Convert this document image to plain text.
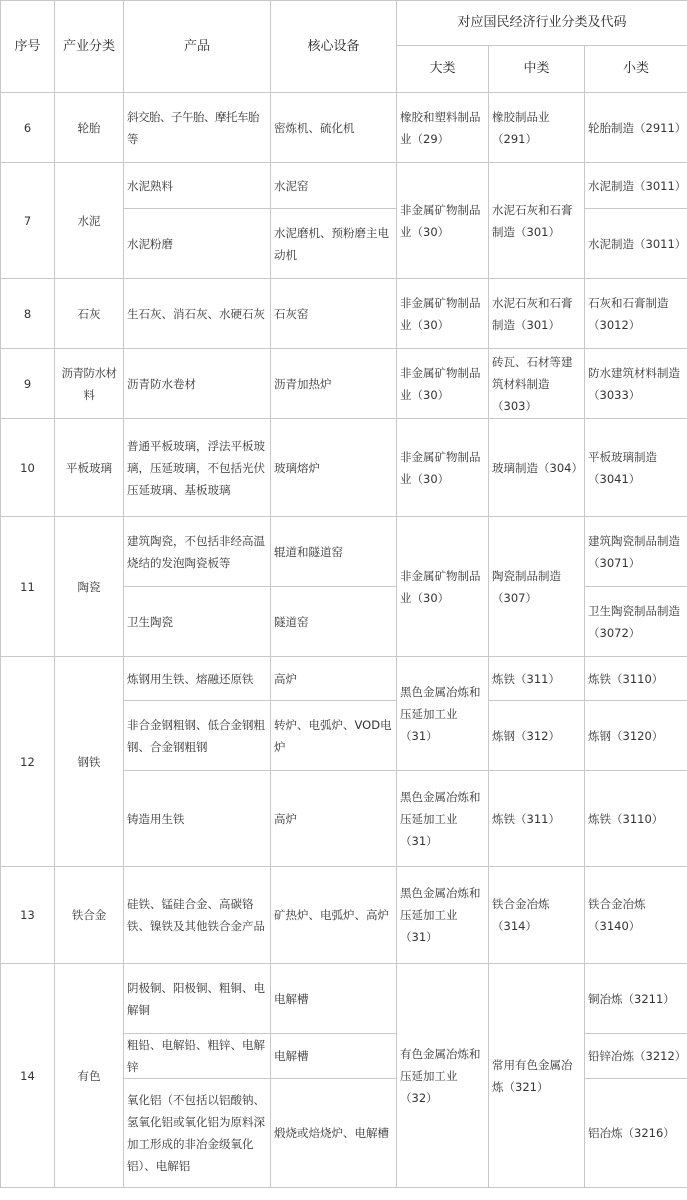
序号	产业分类	产品	核心设备	对应国民经济行业分类及代码		
				大类	中类	小类
6	轮胎	斜交胎、子午胎、摩托车胎等	密炼机、硫化机	橡胶和塑料制品业（29）	橡胶制品业（291）	轮胎制造（2911）
7	水泥	水泥熟料	水泥窑	非金属矿物制品业（30）	水泥石灰和石膏制造（301）	水泥制造（3011）
		水泥粉磨	水泥磨机、预粉磨主电动机			水泥制造（3011）
8	石灰	生石灰、消石灰、水硬石灰	石灰窑	非金属矿物制品业（30）	水泥石灰和石膏制造（301）	石灰和石膏制造（3012）
9	沥青防水材料	沥青防水卷材	沥青加热炉	非金属矿物制品业（30）	砖瓦、石材等建筑材料制造（303）	防水建筑材料制造（3033）
10	平板玻璃	普通平板玻璃，浮法平板玻璃，压延玻璃，不包括光伏压延玻璃、基板玻璃	玻璃熔炉	非金属矿物制品业（30）	玻璃制造（304）	平板玻璃制造（3041）
11	陶瓷	建筑陶瓷，不包括非经高温烧结的发泡陶瓷板等	辊道和隧道窑	非金属矿物制品业（30）	陶瓷制品制造（307）	建筑陶瓷制品制造（3071）
		卫生陶瓷	隧道窑			卫生陶瓷制品制造（3072）
12	钢铁	炼钢用生铁、熔融还原铁	高炉	黑色金属冶炼和压延加工业（31）	炼铁（311）	炼铁（3110）
		非合金钢粗钢、低合金钢粗钢、合金钢粗钢	转炉、电弧炉、VOD电炉		炼钢（312）	炼钢（3120）
		铸造用生铁	高炉	黑色金属冶炼和压延加工业（31）	炼铁（311）	炼铁（3110）
13	铁合金	硅铁、锰硅合金、高碳铬铁、镍铁及其他铁合金产品	矿热炉、电弧炉、高炉	黑色金属冶炼和压延加工业（31）	铁合金冶炼（314）	铁合金冶炼（3140）
14	有色	阴极铜、阳极铜、粗铜、电解铜	电解槽	有色金属冶炼和压延加工业（32）	常用有色金属冶炼（321）	铜冶炼（3211）
		粗铅、电解铅、粗锌、电解锌	电解槽			铅锌冶炼（3212）
		氧化铝（不包括以铝酸钠、氢氧化铝或氧化铝为原料深加工形成的非冶金级氧化铝）、电解铝	煅烧或焙烧炉、电解槽			铝冶炼（3216）
